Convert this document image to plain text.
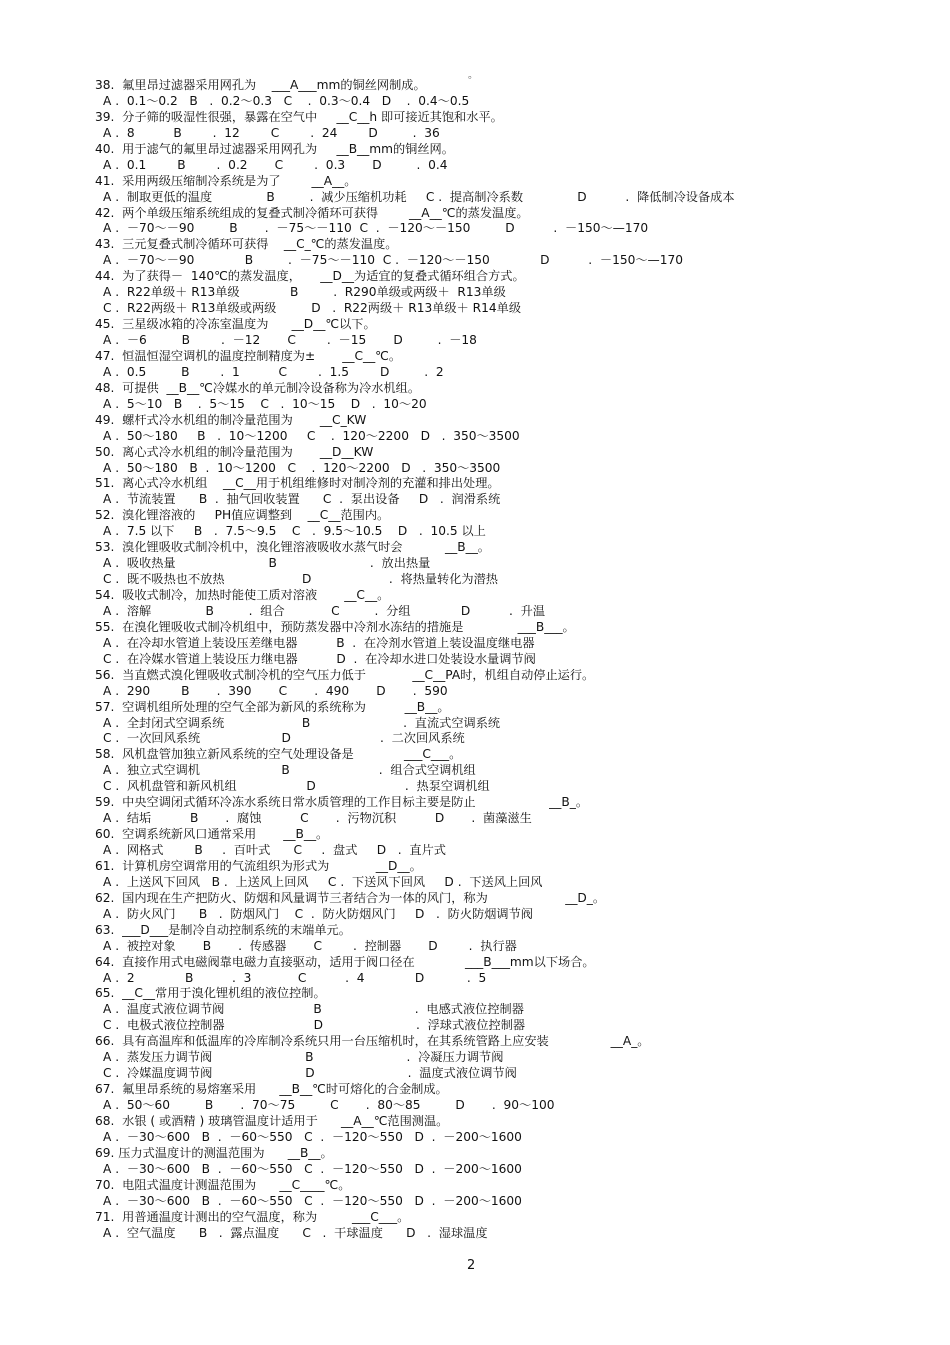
。
38.  氟里昂过滤器采用网孔为    ___A___mm的铜丝网制成。
A .  0.1～0.2   B   .  0.2～0.3   C    .  0.3～0.4   D    .  0.4～0.5
39.  分子筛的吸湿性很强，暴露在空气中     __C__h 即可接近其饱和水平。
A .  8          B        .  12        C        .  24        D         .  36
40.  用于滤气的氟里昂过滤器采用网孔为     __B__mm的铜丝网。
A .  0.1        B        .  0.2       C        .  0.3       D         .  0.4
41.  采用两级压缩制冷系统是为了        __A__。
A .  制取更低的温度              B         .  减少压缩机功耗     C .  提高制冷系数              D          .  降低制冷设备成本
42.  两个单级压缩系统组成的复叠式制冷循环可获得        __A__℃的蒸发温度。
A .  －70～－90         B       .  －75～－110  C  .  －120～－150         D          .  －150～—170
43.  三元复叠式制冷循环可获得    __C_℃的蒸发温度。
A .  －70～－90             B         .  －75～－110  C .  －120～－150             D          .  －150～—170
44.  为了获得－  140℃的蒸发温度，     __D__为适宜的复叠式循环组合方式。
A .  R22单级＋ R13单级             B         .  R290单级或两级＋  R13单级
C .  R22两级＋ R13单级或两级         D   .  R22两级＋ R13单级＋ R14单级
45.  三星级冰箱的冷冻室温度为      __D__℃以下。
A .  －6         B        .  －12       C        .  －15       D         .  －18
47.  恒温恒湿空调机的温度控制精度为±       __C__℃。
A .  0.5         B        .  1          C        .  1.5        D         .  2
48.  可提供  __B__℃冷媒水的单元制冷设备称为冷水机组。
A .  5～10   B    .  5～15    C   .  10～15    D   .  10～20
49.  螺杆式冷水机组的制冷量范围为       __C_KW
A .  50～180     B   .  10～1200     C    .  120～2200   D   .  350～3500
50.  离心式冷水机组的制冷量范围为       __D__KW
A .  50～180   B  .  10～1200   C    .  120～2200   D   .  350～3500
51.  离心式冷水机组    __C__用于机组维修时对制冷剂的充灌和排出处理。
A .  节流装置      B  .  抽气回收装置      C  .  泵出设备     D   .  润滑系统
52.  溴化锂溶液的     PH值应调整到    __C__范围内。
A .  7.5 以下     B   .  7.5～9.5    C   .  9.5～10.5    D   .  10.5 以上
53.  溴化锂吸收式制冷机中，溴化锂溶液吸收水蒸气时会           __B__。
A .  吸收热量                        B                        .  放出热量
C .  既不吸热也不放热                    D                    .  将热量转化为潜热
54.  吸收式制冷，加热时能使工质对溶液       __C__。
A .  溶解              B         .  组合            C         .  分组             D          .  升温
55.  在溴化锂吸收式制冷机组中，预防蒸发器中冷剂水冻结的措施是              ___B___。
A .  在冷却水管道上装设压差继电器          B  .  在冷剂水管道上装设温度继电器
C .  在冷媒水管道上装设压力继电器          D  .  在冷却水进口处装设水量调节阀
56.  当直燃式溴化锂吸收式制冷机的空气压力低于            __C__PA时，机组自动停止运行。
A .  290        B       .  390       C       .  490       D       .  590
57.  空调机组所处理的空气全部为新风的系统称为          __B__。
A .  全封闭式空调系统                    B                        .  直流式空调系统
C .  一次回风系统                     D                       .  二次回风系统
58.  风机盘管加独立新风系统的空气处理设备是             ___C___。
A .  独立式空调机                     B                       .  组合式空调机组
C .  风机盘管和新风机组                  D                       .  热泵空调机组
59.  中央空调闭式循环冷冻水系统日常水质管理的工作目标主要是防止                   __B_。
A .  结垢          B       .  腐蚀          C       .  污物沉积          D       .  菌藻滋生
60.  空调系统新风口通常采用       __B__。
A .  网格式        B     .  百叶式      C     .  盘式     D   .  直片式
61.  计算机房空调常用的气流组织为形式为            __D__。
A .  上送风下回风   B .  上送风上回风     C .  下送风下回风     D .  下送风上回风
62.  国内现在生产把防火、防烟和风量调节三者结合为一体的风门，称为                    __D_。
A .  防火风门      B   .  防烟风门    C  .  防火防烟风门     D   .  防火防烟调节阀
63.  ___D___是制冷自动控制系统的末端单元。
A .  被控对象       B       .  传感器       C        .  控制器       D        .  执行器
64.  直接作用式电磁阀靠电磁力直接驱动，适用于阀口径在             ___B___mm以下场合。
A .  2             B          .  3            C          .  4             D           .  5
65.  __C__常用于溴化锂机组的液位控制。
A .  温度式液位调节阀                       B                        .  电感式液位控制器
C .  电极式液位控制器                       D                        .  浮球式液位控制器
66.  具有高温库和低温库的冷库制冷系统只用一台压缩机时，在其系统管路上应安装                __A_。
A .  蒸发压力调节阀                        B                        .  冷凝压力调节阀
C .  冷媒温度调节阀                        D                        .  温度式液位调节阀
67.  氟里昂系统的易熔塞采用      __B__℃时可熔化的合金制成。
A .  50～60         B       .  70～75         C       .  80～85         D       .  90～100
68.  水银 ( 或酒精 ) 玻璃管温度计适用于      __A__℃范围测温。
A .  －30～600   B  .  －60～550   C  .  －120～550   D  .  －200～1600
69. 压力式温度计的测温范围为      __B__。
A .  －30～600   B  .  －60～550   C  .  －120～550   D  .  －200～1600
70.  电阻式温度计测温范围为      __C____℃。
A .  －30～600   B  .  －60～550   C  .  －120～550   D  .  －200～1600
71.  用普通温度计测出的空气温度，称为         ___C___。
A .  空气温度      B   .  露点温度      C   .  干球温度      D   .  湿球温度
2
